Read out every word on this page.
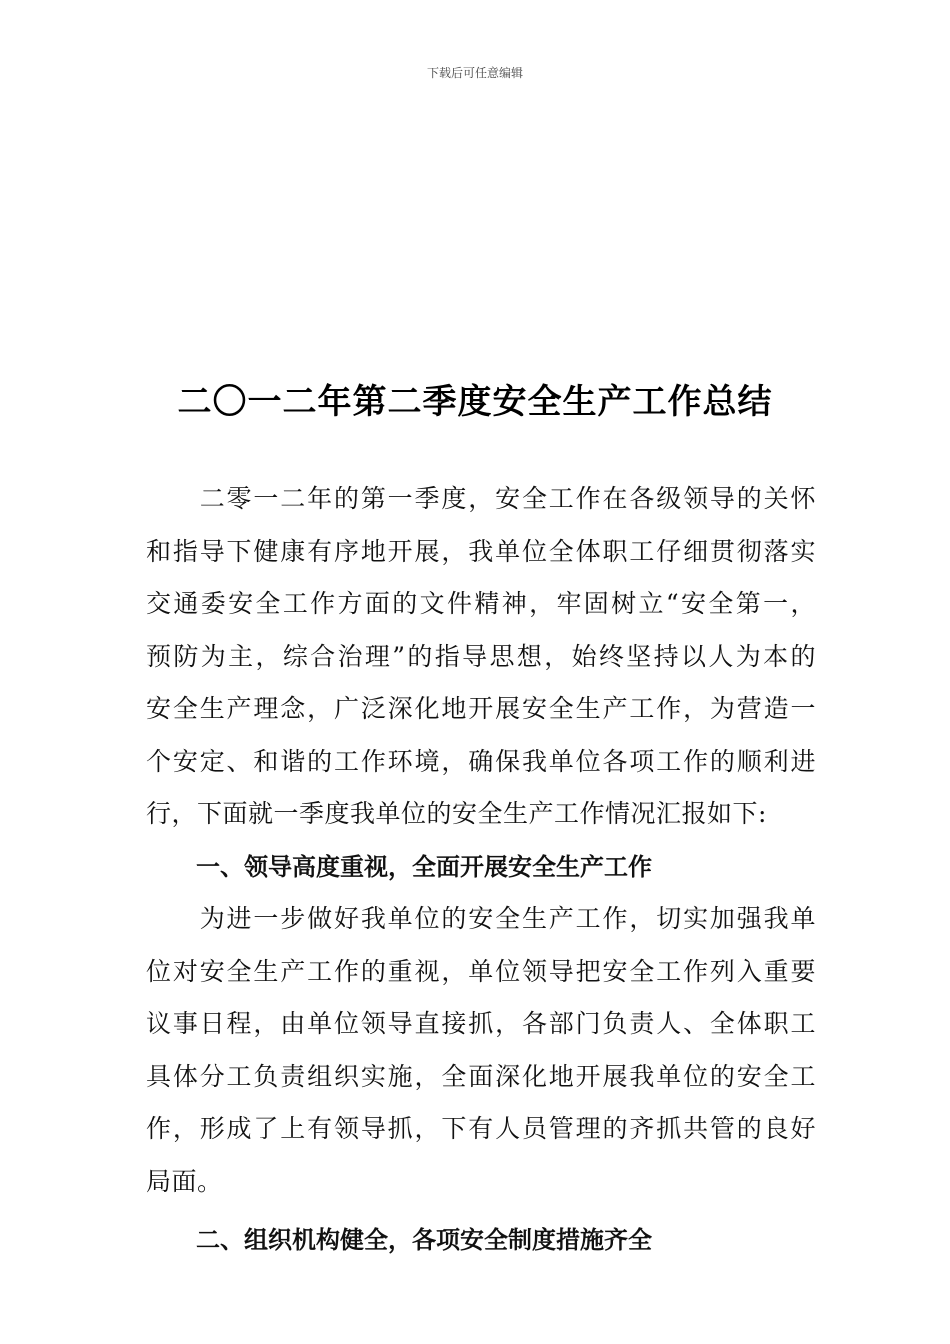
下载后可任意编辑
二〇一二年第二季度安全生产工作总结
　　二零一二年的第一季度，安全工作在各级领导的关怀
和指导下健康有序地开展，我单位全体职工仔细贯彻落实
交通委安全工作方面的文件精神，牢固树立“安全第一，
预防为主，综合治理”的指导思想，始终坚持以人为本的
安全生产理念，广泛深化地开展安全生产工作，为营造一
个安定、和谐的工作环境，确保我单位各项工作的顺利进
行，下面就一季度我单位的安全生产工作情况汇报如下:
一、领导高度重视，全面开展安全生产工作
　　为进一步做好我单位的安全生产工作，切实加强我单
位对安全生产工作的重视，单位领导把安全工作列入重要
议事日程，由单位领导直接抓，各部门负责人、全体职工
具体分工负责组织实施，全面深化地开展我单位的安全工
作，形成了上有领导抓，下有人员管理的齐抓共管的良好
局面。
二、组织机构健全，各项安全制度措施齐全
